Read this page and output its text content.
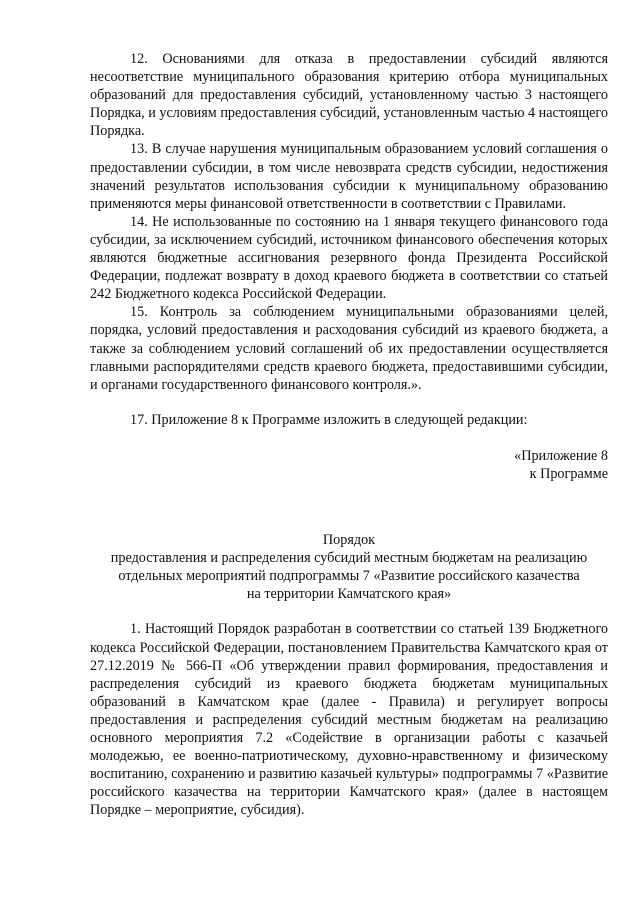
12. Основаниями для отказа в предоставлении субсидий являются несоответствие муниципального образования критерию отбора муниципальных образований для предоставления субсидий, установленному частью 3 настоящего Порядка, и условиям предоставления субсидий, установленным частью 4 настоящего Порядка.

13. В случае нарушения муниципальным образованием условий соглашения о предоставлении субсидии, в том числе невозврата средств субсидии, недостижения значений результатов использования субсидии к муниципальному образованию применяются меры финансовой ответственности в соответствии с Правилами.

14. Не использованные по состоянию на 1 января текущего финансового года субсидии, за исключением субсидий, источником финансового обеспечения которых являются бюджетные ассигнования резервного фонда Президента Российской Федерации, подлежат возврату в доход краевого бюджета в соответствии со статьей 242 Бюджетного кодекса Российской Федерации.

15. Контроль за соблюдением муниципальными образованиями целей, порядка, условий предоставления и расходования субсидий из краевого бюджета, а также за соблюдением условий соглашений об их предоставлении осуществляется главными распорядителями средств краевого бюджета, предоставившими субсидии, и органами государственного финансового контроля.».

17. Приложение 8 к Программе изложить в следующей редакции:

«Приложение 8
к Программе
Порядок
предоставления и распределения субсидий местным бюджетам на реализацию
отдельных мероприятий подпрограммы 7 «Развитие российского казачества
на территории Камчатского края»

1. Настоящий Порядок разработан в соответствии со статьей 139 Бюджетного кодекса Российской Федерации, постановлением Правительства Камчатского края от 27.12.2019 № 566-П «Об утверждении правил формирования, предоставления и распределения субсидий из краевого бюджета бюджетам муниципальных образований в Камчатском крае (далее - Правила) и регулирует вопросы предоставления и распределения субсидий местным бюджетам на реализацию основного мероприятия 7.2 «Содействие в организации работы с казачьей молодежью, ее военно-патриотическому, духовно-нравственному и физическому воспитанию, сохранению и развитию казачьей культуры» подпрограммы 7 «Развитие российского казачества на территории Камчатского края» (далее в настоящем Порядке – мероприятие, субсидия).
